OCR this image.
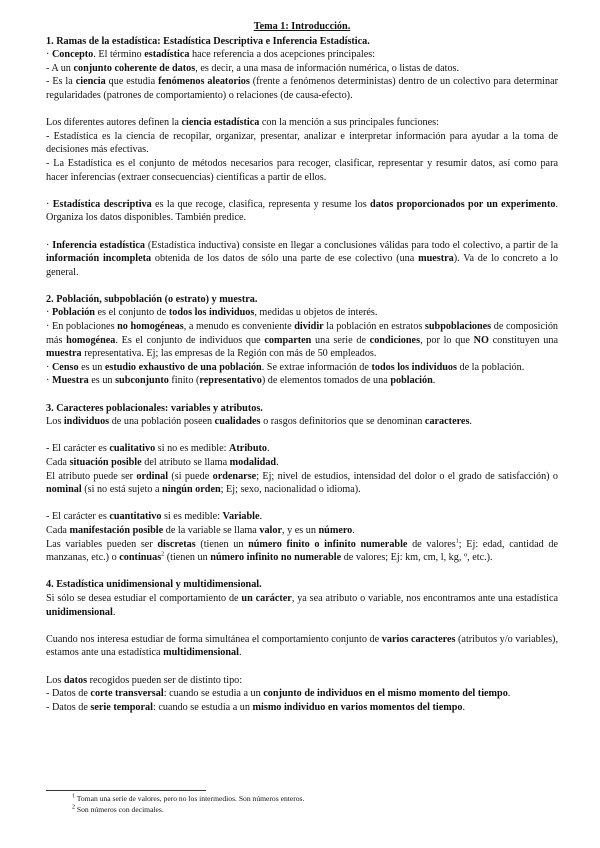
Tema 1: Introducción.

1. Ramas de la estadística: Estadística Descriptiva e Inferencia Estadística.

· Concepto. El término estadística hace referencia a dos acepciones principales:

- A un conjunto coherente de datos, es decir, a una masa de información numérica, o listas de datos.

- Es la ciencia que estudia fenómenos aleatorios (frente a fenómenos deterministas) dentro de un colectivo para determinar regularidades (patrones de comportamiento) o relaciones (de causa-efecto).

Los diferentes autores definen la ciencia estadística con la mención a sus principales funciones:

- Estadística es la ciencia de recopilar, organizar, presentar, analizar e interpretar información para ayudar a la toma de decisiones más efectivas.

- La Estadística es el conjunto de métodos necesarios para recoger, clasificar, representar y resumir datos, así como para hacer inferencias (extraer consecuencias) científicas a partir de ellos.

· Estadística descriptiva es la que recoge, clasifica, representa y resume los datos proporcionados por un experimento. Organiza los datos disponibles. También predice.

· Inferencia estadística (Estadística inductiva) consiste en llegar a conclusiones válidas para todo el colectivo, a partir de la información incompleta obtenida de los datos de sólo una parte de ese colectivo (una muestra). Va de lo concreto a lo general.

2. Población, subpoblación (o estrato) y muestra.

· Población es el conjunto de todos los individuos, medidas u objetos de interés.

· En poblaciones no homogéneas, a menudo es conveniente dividir la población en estratos subpoblaciones de composición más homogénea. Es el conjunto de individuos que comparten una serie de condiciones, por lo que NO constituyen una muestra representativa. Ej; las empresas de la Región con más de 50 empleados.

· Censo es un estudio exhaustivo de una población. Se extrae información de todos los individuos de la población.

· Muestra es un subconjunto finito (representativo) de elementos tomados de una población.

3. Caracteres poblacionales: variables y atributos.

Los individuos de una población poseen cualidades o rasgos definitorios que se denominan caracteres.

- El carácter es cualitativo si no es medible: Atributo.

Cada situación posible del atributo se llama modalidad.

El atributo puede ser ordinal (si puede ordenarse; Ej; nivel de estudios, intensidad del dolor o el grado de satisfacción) o nominal (si no está sujeto a ningún orden; Ej; sexo, nacionalidad o idioma).

- El carácter es cuantitativo si es medible: Variable.

Cada manifestación posible de la variable se llama valor, y es un número.

Las variables pueden ser discretas (tienen un número finito o infinito numerable de valores$^1$; Ej: edad, cantidad de manzanas, etc.) o continuas$^2$ (tienen un número infinito no numerable de valores; Ej: km, cm, l, kg, º, etc.).

4. Estadística unidimensional y multidimensional.

Si sólo se desea estudiar el comportamiento de un carácter, ya sea atributo o variable, nos encontramos ante una estadística unidimensional.

Cuando nos interesa estudiar de forma simultánea el comportamiento conjunto de varios caracteres (atributos y/o variables), estamos ante una estadística multidimensional.

Los datos recogidos pueden ser de distinto tipo:

- Datos de corte transversal: cuando se estudia a un conjunto de individuos en el mismo momento del tiempo.

- Datos de serie temporal: cuando se estudia a un mismo individuo en varios momentos del tiempo.

$^1$ Toman una serie de valores, pero no los intermedios. Son números enteros.

$^2$ Son números con decimales.
